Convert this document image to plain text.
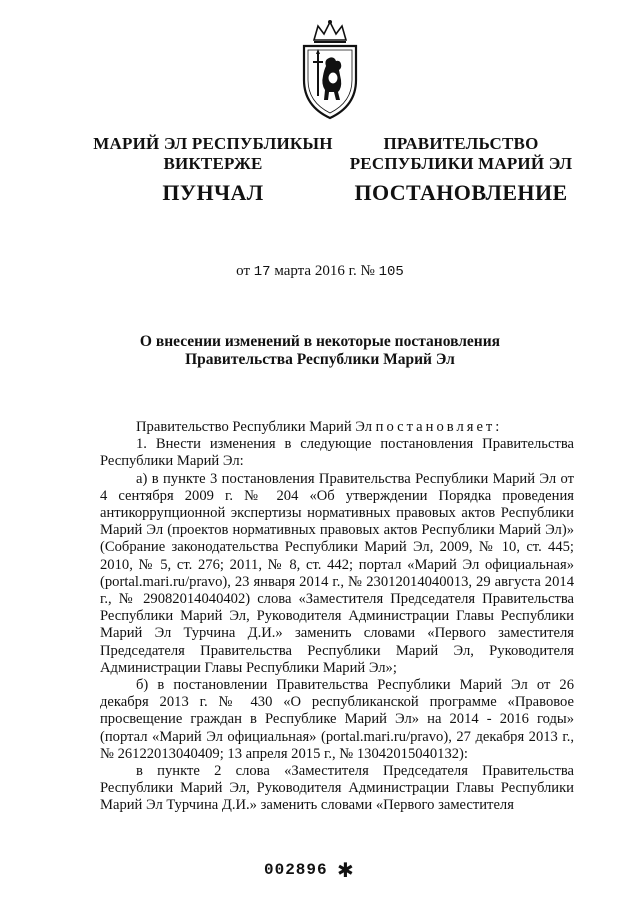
МАРИЙ ЭЛ РЕСПУБЛИКЫН
ВИКТЕРЖЕ
ПУНЧАЛ
ПРАВИТЕЛЬСТВО
РЕСПУБЛИКИ МАРИЙ ЭЛ
ПОСТАНОВЛЕНИЕ
от 17 марта 2016 г. № 105
О внесении изменений в некоторые постановления
Правительства Республики Марий Эл

Правительство Республики Марий Эл постановляет:

1. Внести изменения в следующие постановления Правительства Республики Марий Эл:

а) в пункте 3 постановления Правительства Республики Марий Эл от 4 сентября 2009 г. № 204 «Об утверждении Порядка проведения антикоррупционной экспертизы нормативных правовых актов Республики Марий Эл (проектов нормативных правовых актов Республики Марий Эл)» (Собрание законодательства Республики Марий Эл, 2009, № 10, ст. 445; 2010, № 5, ст. 276; 2011, № 8, ст. 442; портал «Марий Эл официальная» (portal.mari.ru/pravo), 23 января 2014 г., № 23012014040013, 29 августа 2014 г., № 29082014040402) слова «Заместителя Председателя Правительства Республики Марий Эл, Руководителя Администрации Главы Республики Марий Эл Турчина Д.И.» заменить словами «Первого заместителя Председателя Правительства Республики Марий Эл, Руководителя Администрации Главы Республики Марий Эл»;

б) в постановлении Правительства Республики Марий Эл от 26 декабря 2013 г. № 430 «О республиканской программе «Правовое просвещение граждан в Республике Марий Эл» на 2014 - 2016 годы» (портал «Марий Эл официальная» (portal.mari.ru/pravo), 27 декабря 2013 г., № 26122013040409; 13 апреля 2015 г., № 13042015040132):

в пункте 2 слова «Заместителя Председателя Правительства Республики Марий Эл, Руководителя Администрации Главы Республики Марий Эл Турчина Д.И.» заменить словами «Первого заместителя

002896 ✱
